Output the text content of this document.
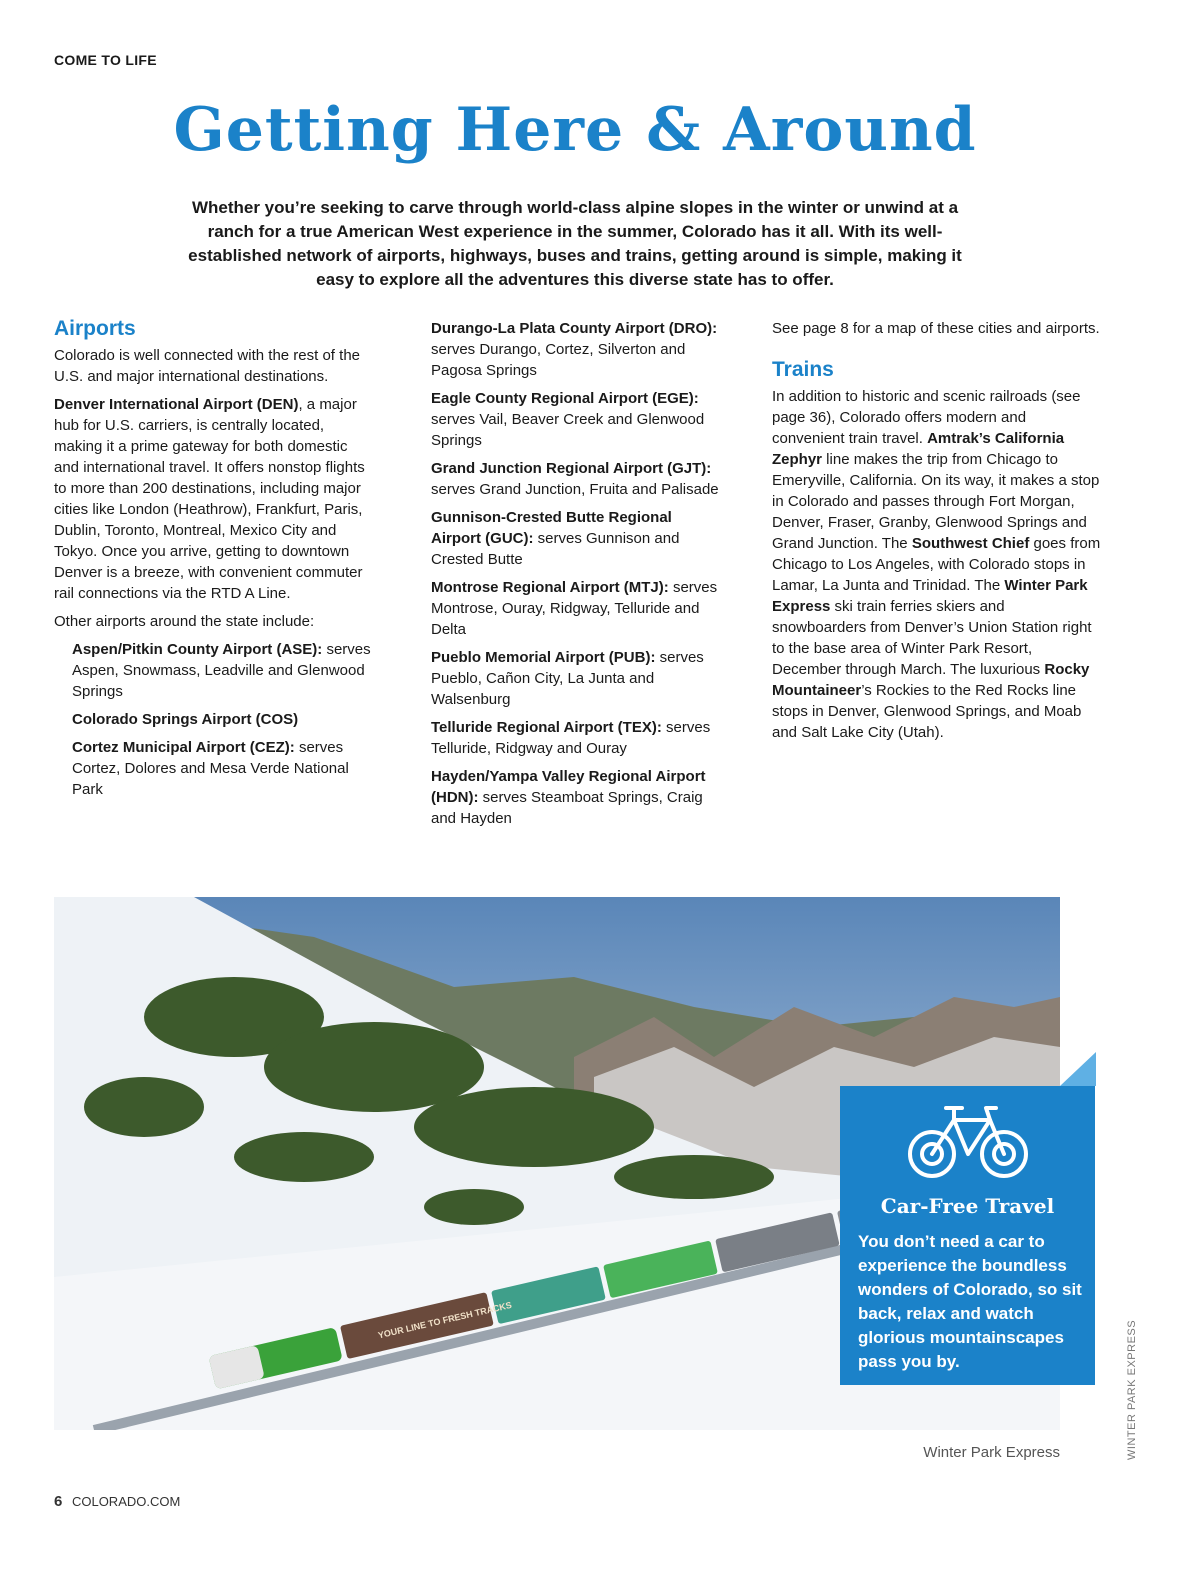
COME TO LIFE
Getting Here & Around
Whether you’re seeking to carve through world-class alpine slopes in the winter or unwind at a ranch for a true American West experience in the summer, Colorado has it all. With its well-established network of airports, highways, buses and trains, getting around is simple, making it easy to explore all the adventures this diverse state has to offer.
Airports

Colorado is well connected with the rest of the U.S. and major international destinations.

Denver International Airport (DEN), a major hub for U.S. carriers, is centrally located, making it a prime gateway for both domestic and international travel. It offers nonstop flights to more than 200 destinations, including major cities like London (Heathrow), Frankfurt, Paris, Dublin, Toronto, Montreal, Mexico City and Tokyo. Once you arrive, getting to downtown Denver is a breeze, with convenient commuter rail connections via the RTD A Line.

Other airports around the state include:

Aspen/Pitkin County Airport (ASE): serves Aspen, Snowmass, Leadville and Glenwood Springs

Colorado Springs Airport (COS)

Cortez Municipal Airport (CEZ): serves Cortez, Dolores and Mesa Verde National Park

Durango-La Plata County Airport (DRO): serves Durango, Cortez, Silverton and Pagosa Springs

Eagle County Regional Airport (EGE): serves Vail, Beaver Creek and Glenwood Springs

Grand Junction Regional Airport (GJT): serves Grand Junction, Fruita and Palisade

Gunnison-Crested Butte Regional Airport (GUC): serves Gunnison and Crested Butte

Montrose Regional Airport (MTJ): serves Montrose, Ouray, Ridgway, Telluride and Delta

Pueblo Memorial Airport (PUB): serves Pueblo, Cañon City, La Junta and Walsenburg

Telluride Regional Airport (TEX): serves Telluride, Ridgway and Ouray

Hayden/Yampa Valley Regional Airport (HDN): serves Steamboat Springs, Craig and Hayden

See page 8 for a map of these cities and airports.

Trains

In addition to historic and scenic railroads (see page 36), Colorado offers modern and convenient train travel. Amtrak’s California Zephyr line makes the trip from Chicago to Emeryville, California. On its way, it makes a stop in Colorado and passes through Fort Morgan, Denver, Fraser, Granby, Glenwood Springs and Grand Junction. The Southwest Chief goes from Chicago to Los Angeles, with Colorado stops in Lamar, La Junta and Trinidad. The Winter Park Express ski train ferries skiers and snowboarders from Denver’s Union Station right to the base area of Winter Park Resort, December through March. The luxurious Rocky Mountaineer’s Rockies to the Red Rocks line stops in Denver, Glenwood Springs, and Moab and Salt Lake City (Utah).

YOUR LINE TO FRESH TRACKS
Car-Free Travel

You don’t need a car to experience the boundless wonders of Colorado, so sit back, relax and watch glorious mountainscapes pass you by.

Winter Park Express	WINTER PARK EXPRESS
6 COLORADO.COM
